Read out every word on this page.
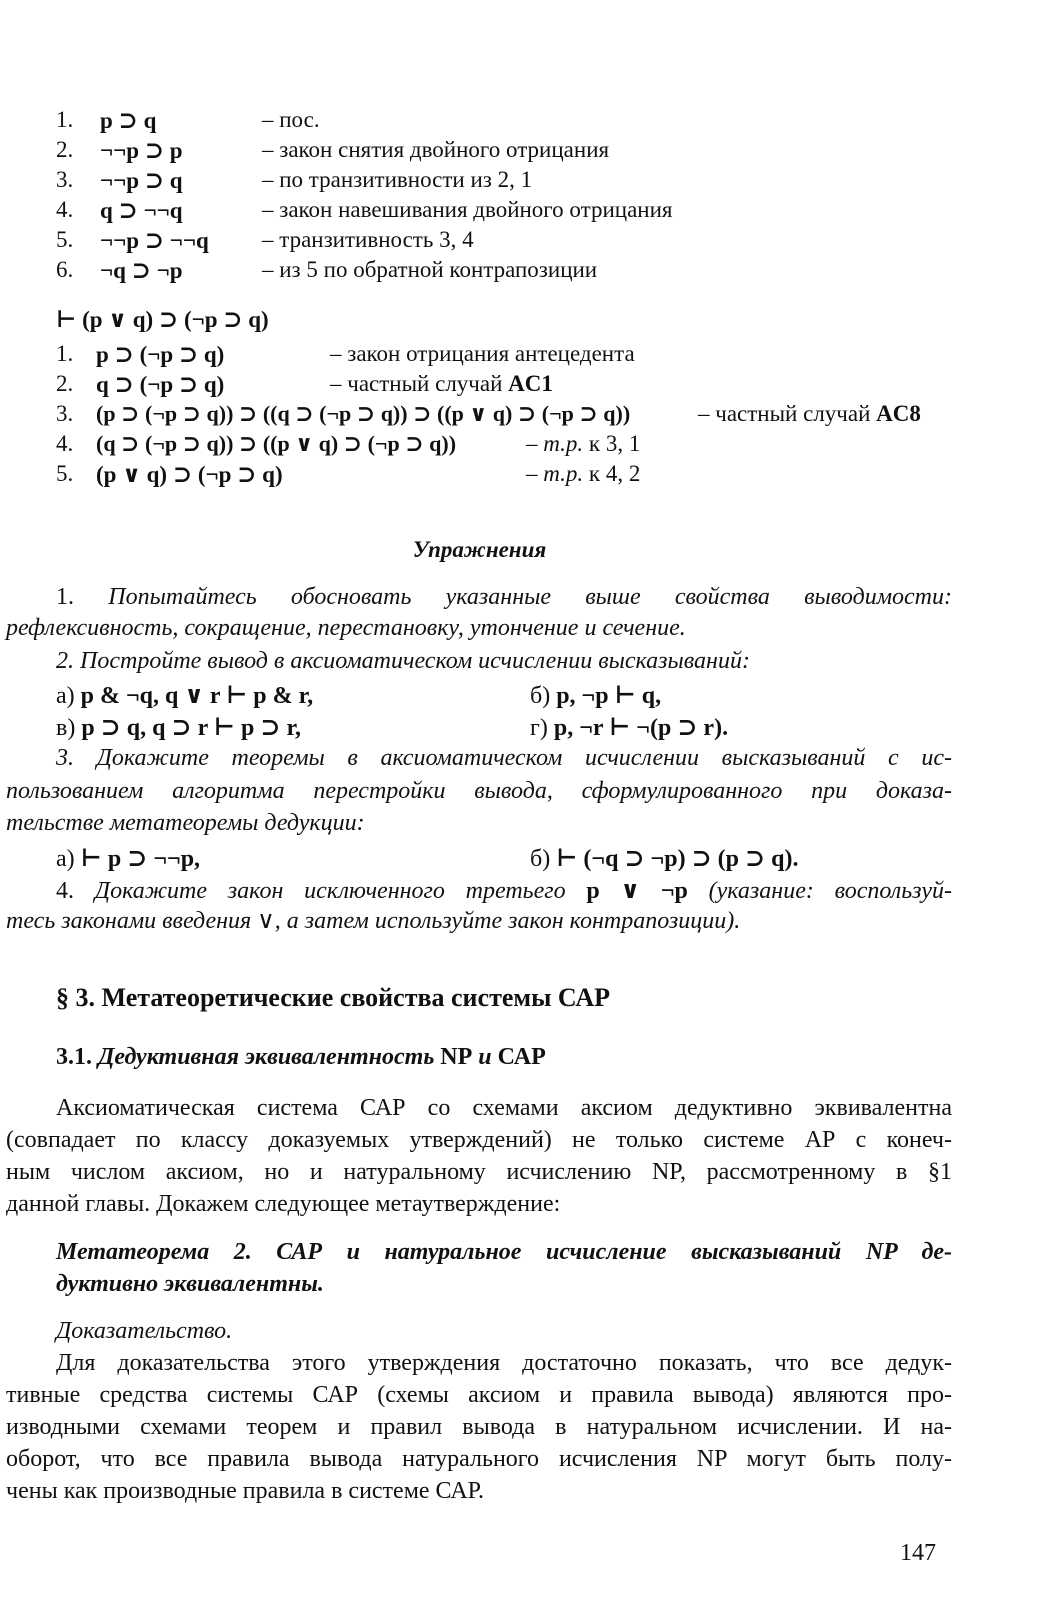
1. p ⊃ q	– пос.
2. ¬¬p ⊃ p	– закон снятия двойного отрицания
3. ¬¬p ⊃ q	– по транзитивности из 2, 1
4. q ⊃ ¬¬q	– закон навешивания двойного отрицания
5. ¬¬p ⊃ ¬¬q – транзитивность 3, 4
6. ¬q ⊃ ¬p	– из 5 по обратной контрапозиции
⊢ (p ∨ q) ⊃ (¬p ⊃ q)
1. p ⊃ (¬p ⊃ q)	– закон отрицания антецедента
2. q ⊃ (¬p ⊃ q)	– частный случай AC1
3. (p ⊃ (¬p ⊃ q)) ⊃ ((q ⊃ (¬p ⊃ q)) ⊃ ((p ∨ q) ⊃ (¬p ⊃ q))	– частный случай AC8
4. (q ⊃ (¬p ⊃ q)) ⊃ ((p ∨ q) ⊃ (¬p ⊃ q))	– т.р. к 3, 1
5. (p ∨ q) ⊃ (¬p ⊃ q)	– т.р. к 4, 2
Упражнения
1. Попытайтесь обосновать указанные выше свойства выводимости:
рефлексивность, сокращение, перестановку, утончение и сечение.
2. Постройте вывод в аксиоматическом исчислении высказываний:
а) p & ¬q, q ∨ r ⊢ p & r,	б) p, ¬p ⊢ q,
в) p ⊃ q, q ⊃ r ⊢ p ⊃ r,	г) p, ¬r ⊢ ¬(p ⊃ r).
3. Докажите теоремы в аксиоматическом исчислении высказываний с ис-
пользованием алгоритма перестройки вывода, сформулированного при доказа-
тельстве метатеоремы дедукции:
а) ⊢ p ⊃ ¬¬p,	б) ⊢ (¬q ⊃ ¬p) ⊃ (p ⊃ q).
4. Докажите закон исключенного третьего p ∨ ¬p (указание: воспользуй-
тесь законами введения ∨, а затем используйте закон контрапозиции).
§ 3. Метатеоретические свойства системы САР
3.1. Дедуктивная эквивалентность NP и САР
Аксиоматическая система САР со схемами аксиом дедуктивно эквивалентна
(совпадает по классу доказуемых утверждений) не только системе АР с конеч-
ным числом аксиом, но и натуральному исчислению NP, рассмотренному в §1
данной главы. Докажем следующее метаутверждение:
Метатеорема 2. САР и натуральное исчисление высказываний NP де-
дуктивно эквивалентны.
Доказательство.
Для доказательства этого утверждения достаточно показать, что все дедук-
тивные средства системы САР (схемы аксиом и правила вывода) являются про-
изводными схемами теорем и правил вывода в натуральном исчислении. И на-
оборот, что все правила вывода натурального исчисления NP могут быть полу-
чены как производные правила в системе САР.
147
